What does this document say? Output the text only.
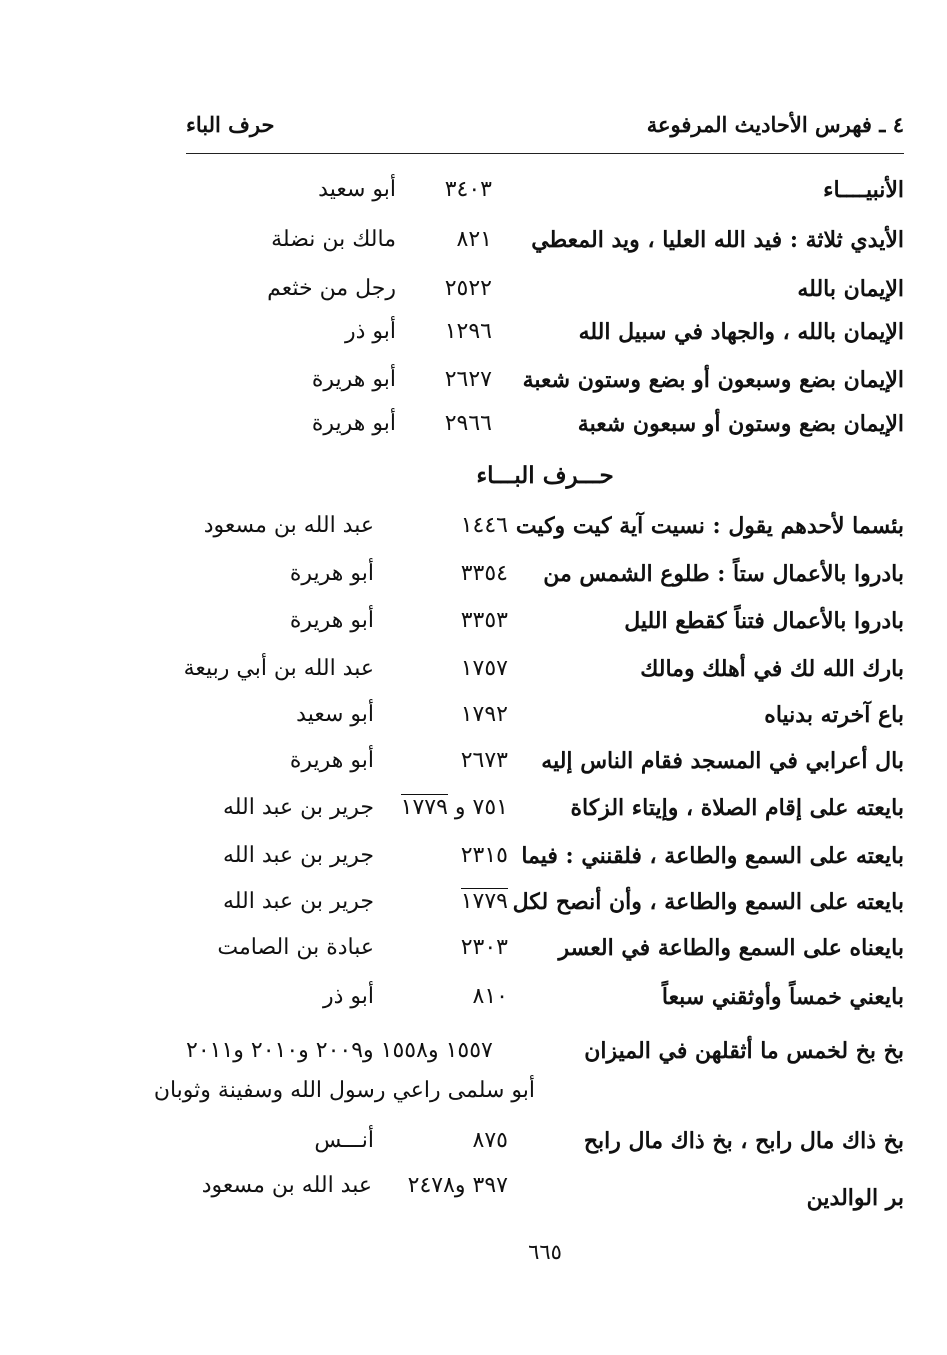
٤ ـ فهرس الأحاديث المرفوعة
حرف الباء
الأنبيــــاء
٣٤٠٣
أبو سعيد
الأيدي ثلاثة : فيد الله العليا ، ويد المعطي
٨٢١
مالك بن نضلة
الإيمان بالله
٢٥٢٢
رجل من خثعم
الإيمان بالله ، والجهاد في سبيل الله
١٢٩٦
أبو ذر
الإيمان بضع وسبعون أو بضع وستون شعبة
٢٦٢٧
أبو هريرة
الإيمان بضع وستون أو سبعون شعبة
٢٩٦٦
أبو هريرة
حـــرف البـــاء
بئسما لأحدهم يقول : نسيت آية كيت وكيت
١٤٤٦
عبد الله بن مسعود
بادروا بالأعمال ستاً : طلوع الشمس من
٣٣٥٤
أبو هريرة
بادروا بالأعمال فتناً كقطع الليل
٣٣٥٣
أبو هريرة
بارك الله لك في أهلك ومالك
١٧٥٧
عبد الله بن أبي ربيعة
باع آخرته بدنياه
١٧٩٢
أبو سعيد
بال أعرابي في المسجد فقام الناس إليه
٢٦٧٣
أبو هريرة
بايعته على إقام الصلاة ، وإيتاء الزكاة
٧٥١ و ١٧٧٩
جرير بن عبد الله
بايعته على السمع والطاعة ، فلقنني : فيما
٢٣١٥
جرير بن عبد الله
بايعته على السمع والطاعة ، وأن أنصح لكل
١٧٧٩
جرير بن عبد الله
بايعناه على السمع والطاعة في العسر
٢٣٠٣
عبادة بن الصامت
بايعني خمساً وأوثقني سبعاً
٨١٠
أبو ذر
بخ بخ لخمس ما أثقلهن في الميزان
١٥٥٧ و١٥٥٨ و٢٠٠٩ و٢٠١٠ و٢٠١١
أبو سلمى راعي رسول الله وسفينة وثوبان
بخ ذاك مال رابح ، بخ ذاك مال رابح
٨٧٥
أنـــس
٣٩٧ و٢٤٧٨
عبد الله بن مسعود	بر الوالدين
٦٦٥
